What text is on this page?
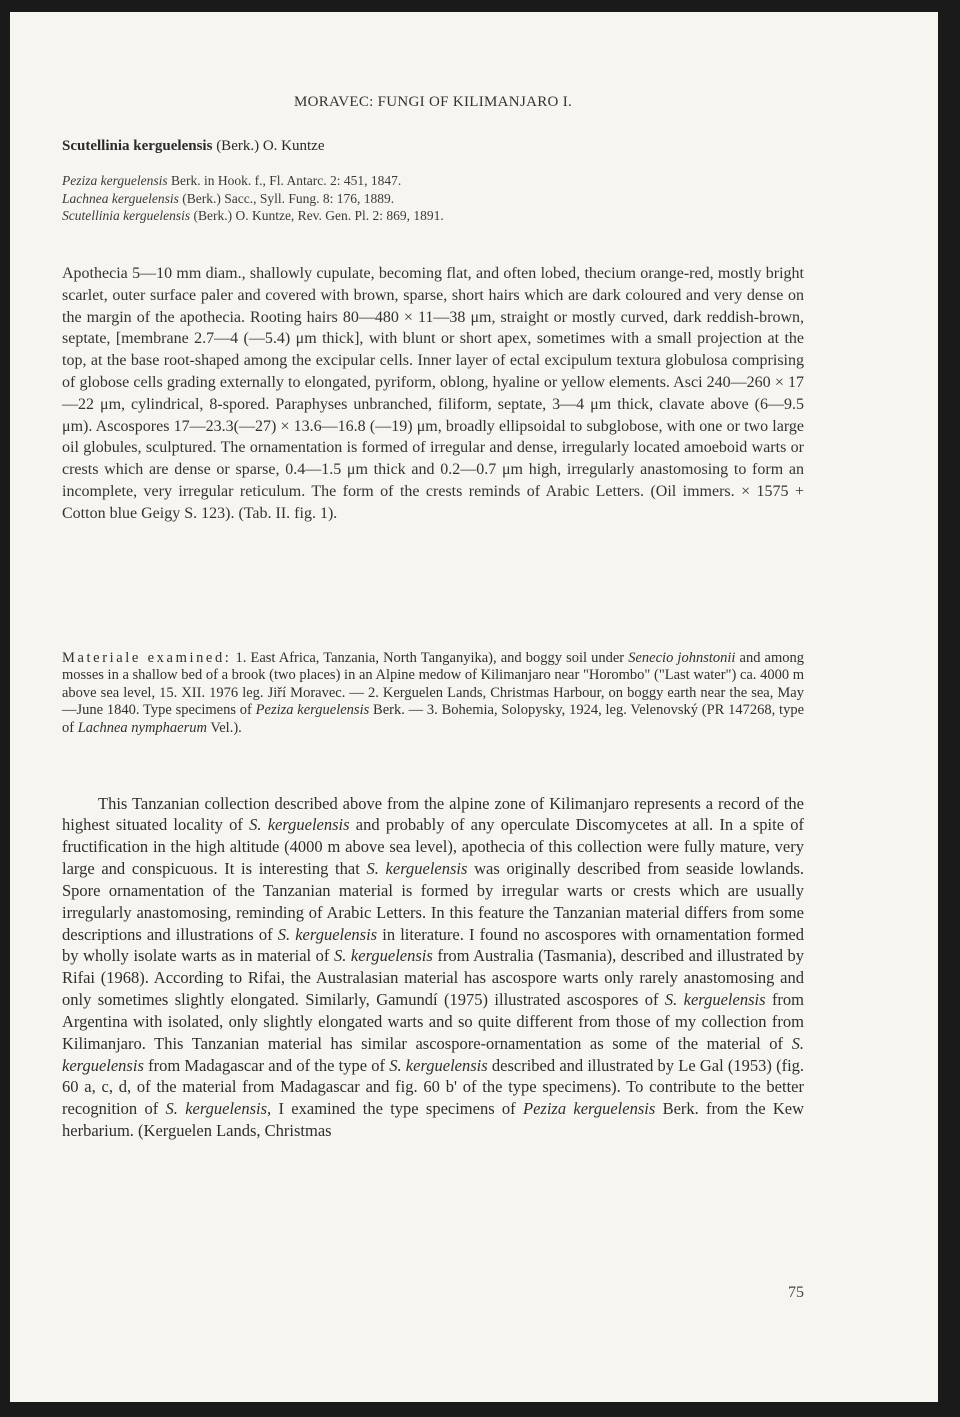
MORAVEC: FUNGI OF KILIMANJARO I.
Scutellinia kerguelensis (Berk.) O. Kuntze
Peziza kerguelensis Berk. in Hook. f., Fl. Antarc. 2: 451, 1847.
Lachnea kerguelensis (Berk.) Sacc., Syll. Fung. 8: 176, 1889.
Scutellinia kerguelensis (Berk.) O. Kuntze, Rev. Gen. Pl. 2: 869, 1891.

Apothecia 5—10 mm diam., shallowly cupulate, becoming flat, and often lobed, thecium orange-red, mostly bright scarlet, outer surface paler and covered with brown, sparse, short hairs which are dark coloured and very dense on the margin of the apothecia. Rooting hairs 80—480 × 11—38 μm, straight or mostly curved, dark reddish-brown, septate, [membrane 2.7—4 (—5.4) μm thick], with blunt or short apex, sometimes with a small projection at the top, at the base root-shaped among the excipular cells. Inner layer of ectal excipulum textura globulosa comprising of globose cells grading externally to elongated, pyriform, oblong, hyaline or yellow elements. Asci 240—260 × 17—22 μm, cylindrical, 8-spored. Paraphyses unbranched, filiform, septate, 3—4 μm thick, clavate above (6—9.5 μm). Ascospores 17—23.3(—27) × 13.6—16.8 (—19) μm, broadly ellipsoidal to subglobose, with one or two large oil globules, sculptured. The ornamentation is formed of irregular and dense, irregularly located amoeboid warts or crests which are dense or sparse, 0.4—1.5 μm thick and 0.2—0.7 μm high, irregularly anastomosing to form an incomplete, very irregular reticulum. The form of the crests reminds of Arabic Letters. (Oil immers. × 1575 + Cotton blue Geigy S. 123). (Tab. II. fig. 1).

Materiale examined: 1. East Africa, Tanzania, North Tanganyika), and boggy soil under Senecio johnstonii and among mosses in a shallow bed of a brook (two places) in an Alpine medow of Kilimanjaro near "Horombo" ("Last water") ca. 4000 m above sea level, 15. XII. 1976 leg. Jiří Moravec. — 2. Kerguelen Lands, Christmas Harbour, on boggy earth near the sea, May—June 1840. Type specimens of Peziza kerguelensis Berk. — 3. Bohemia, Solopysky, 1924, leg. Velenovský (PR 147268, type of Lachnea nymphaerum Vel.).

This Tanzanian collection described above from the alpine zone of Kilimanjaro represents a record of the highest situated locality of S. kerguelensis and probably of any operculate Discomycetes at all. In a spite of fructification in the high altitude (4000 m above sea level), apothecia of this collection were fully mature, very large and conspicuous. It is interesting that S. kerguelensis was originally described from seaside lowlands. Spore ornamentation of the Tanzanian material is formed by irregular warts or crests which are usually irregularly anastomosing, reminding of Arabic Letters. In this feature the Tanzanian material differs from some descriptions and illustrations of S. kerguelensis in literature. I found no ascospores with ornamentation formed by wholly isolate warts as in material of S. kerguelensis from Australia (Tasmania), described and illustrated by Rifai (1968). According to Rifai, the Australasian material has ascospore warts only rarely anastomosing and only sometimes slightly elongated. Similarly, Gamundí (1975) illustrated ascospores of S. kerguelensis from Argentina with isolated, only slightly elongated warts and so quite different from those of my collection from Kilimanjaro. This Tanzanian material has similar ascospore-ornamentation as some of the material of S. kerguelensis from Madagascar and of the type of S. kerguelensis described and illustrated by Le Gal (1953) (fig. 60 a, c, d, of the material from Madagascar and fig. 60 b' of the type specimens). To contribute to the better recognition of S. kerguelensis, I examined the type specimens of Peziza kerguelensis Berk. from the Kew herbarium. (Kerguelen Lands, Christmas

75
